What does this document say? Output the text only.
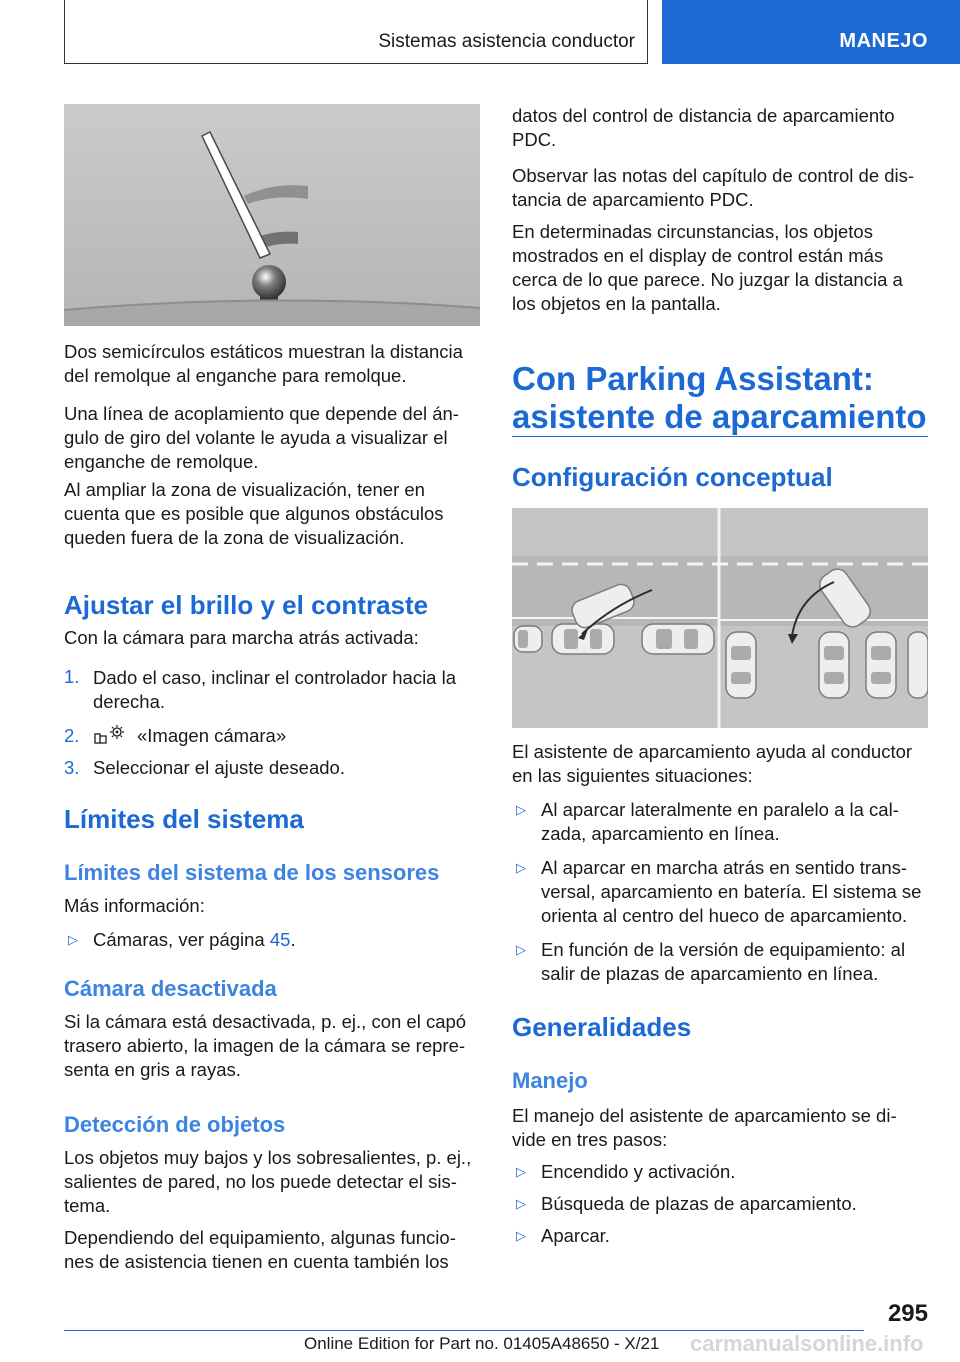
Sistemas asistencia conductor	MANEJO

Dos semicírculos estáticos muestran la distancia

del remolque al enganche para remolque.

Una línea de acoplamiento que depende del án-

gulo de giro del volante le ayuda a visualizar el

enganche de remolque.

Al ampliar la zona de visualización, tener en

cuenta que es posible que algunos obstáculos

queden fuera de la zona de visualización.

Ajustar el brillo y el contraste

Con la cámara para marcha atrás activada:

1. Dado el caso, inclinar el controlador hacia la

derecha.

2.	«Imagen cámara»

3. Seleccionar el ajuste deseado.

Límites del sistema
Límites del sistema de los sensores

Más información:

▷ Cámaras, ver página 45.

Cámara desactivada

Si la cámara está desactivada, p. ej., con el capó

trasero abierto, la imagen de la cámara se repre-

senta en gris a rayas.

Detección de objetos

Los objetos muy bajos y los sobresalientes, p. ej.,

salientes de pared, no los puede detectar el sis-

tema.

Dependiendo del equipamiento, algunas funcio-

nes de asistencia tienen en cuenta también los

datos del control de distancia de aparcamiento

PDC.

Observar las notas del capítulo de control de dis-

tancia de aparcamiento PDC.

En determinadas circunstancias, los objetos

mostrados en el display de control están más

cerca de lo que parece. No juzgar la distancia a

los objetos en la pantalla.

Con Parking Assistant:
asistente de aparcamiento
Configuración conceptual

El asistente de aparcamiento ayuda al conductor

en las siguientes situaciones:

▷ Al aparcar lateralmente en paralelo a la cal-

zada, aparcamiento en línea.

▷ Al aparcar en marcha atrás en sentido trans-

versal, aparcamiento en batería. El sistema se

orienta al centro del hueco de aparcamiento.

▷ En función de la versión de equipamiento: al

salir de plazas de aparcamiento en línea.

Generalidades
Manejo

El manejo del asistente de aparcamiento se di-

vide en tres pasos:

▷ Encendido y activación.

▷ Búsqueda de plazas de aparcamiento.

▷ Aparcar.

295
Online Edition for Part no. 01405A48650 - X/21 carmanualsonline.info
